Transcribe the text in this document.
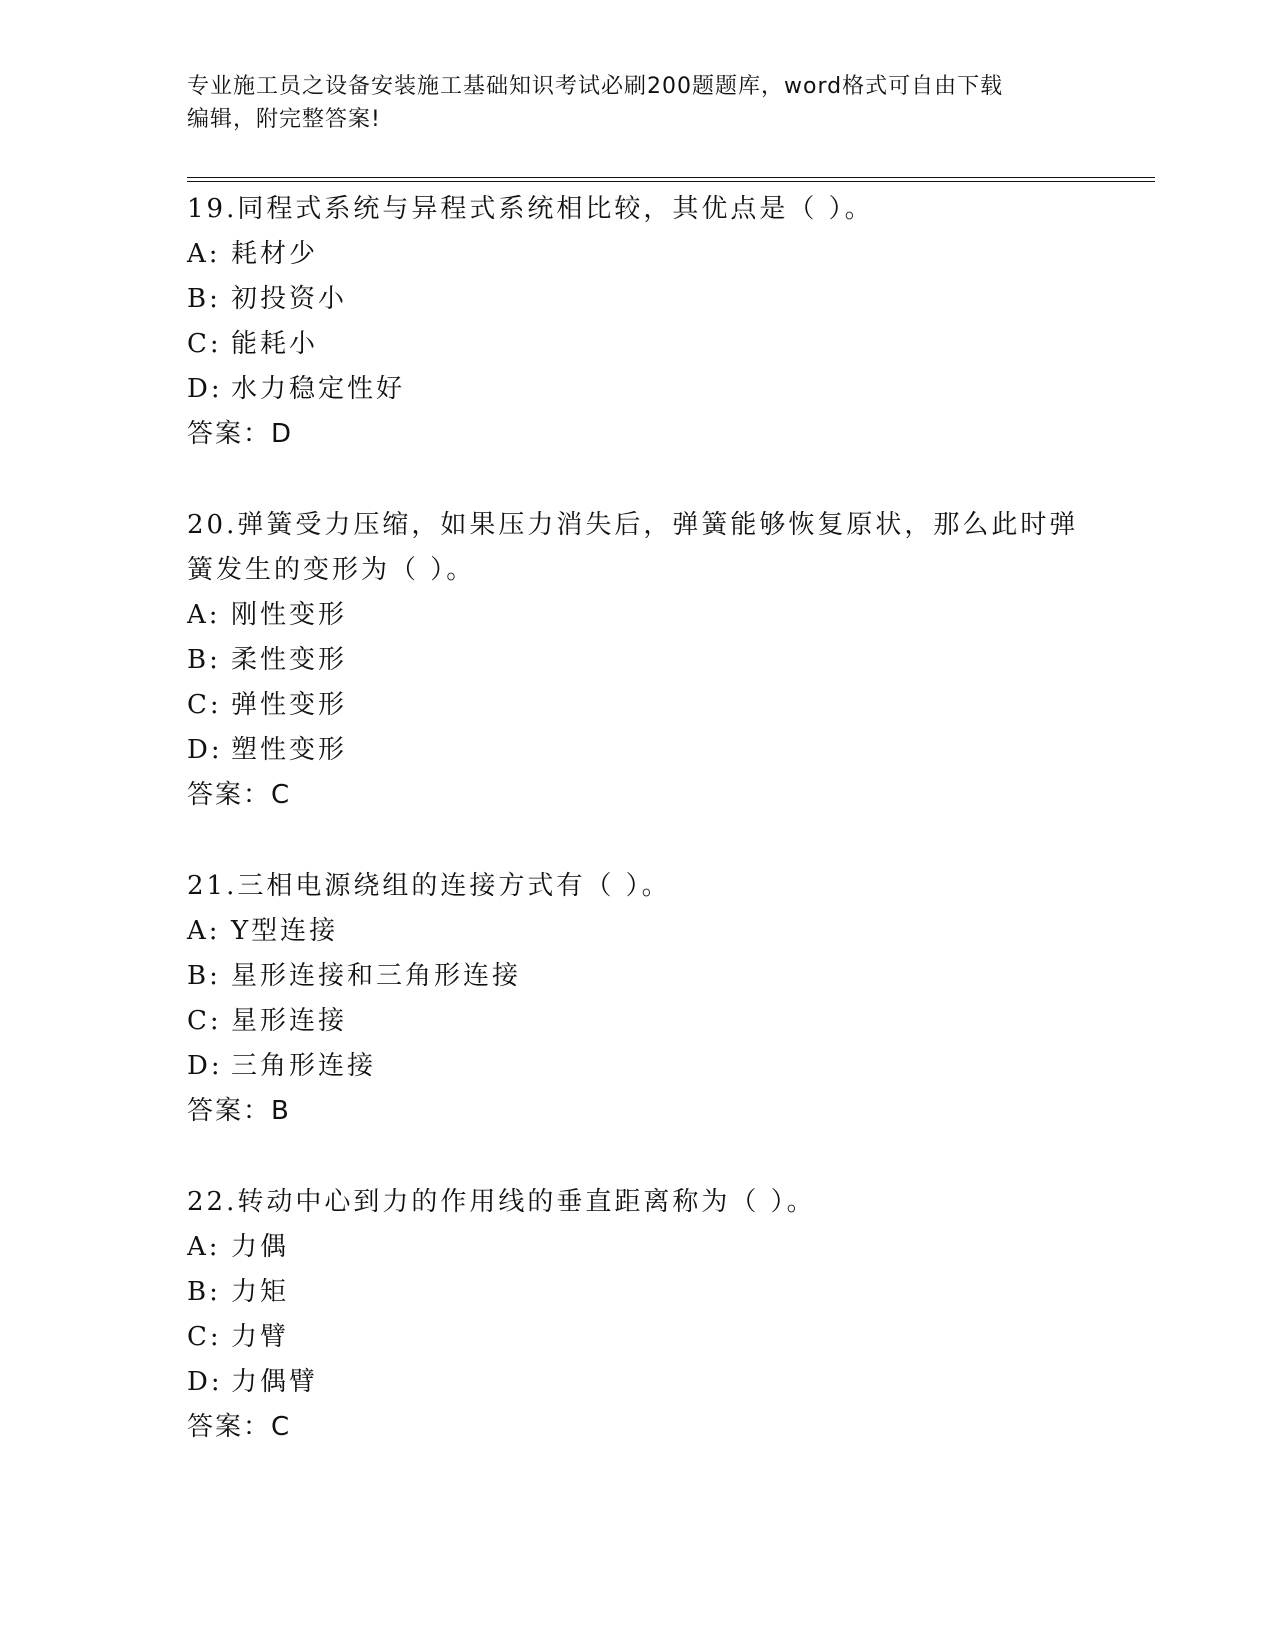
专业施工员之设备安装施工基础知识考试必刷200题题库，word格式可自由下载
编辑，附完整答案!

19.同程式系统与异程式系统相比较，其优点是（ ）。

A: 耗材少

B: 初投资小

C: 能耗小

D: 水力稳定性好

答案：D

20.弹簧受力压缩，如果压力消失后，弹簧能够恢复原状，那么此时弹

簧发生的变形为（ ）。

A: 刚性变形

B: 柔性变形

C: 弹性变形

D: 塑性变形

答案：C

21.三相电源绕组的连接方式有（ ）。

A: Y型连接

B: 星形连接和三角形连接

C: 星形连接

D: 三角形连接

答案：B

22.转动中心到力的作用线的垂直距离称为（ ）。

A: 力偶

B: 力矩

C: 力臂

D: 力偶臂

答案：C
